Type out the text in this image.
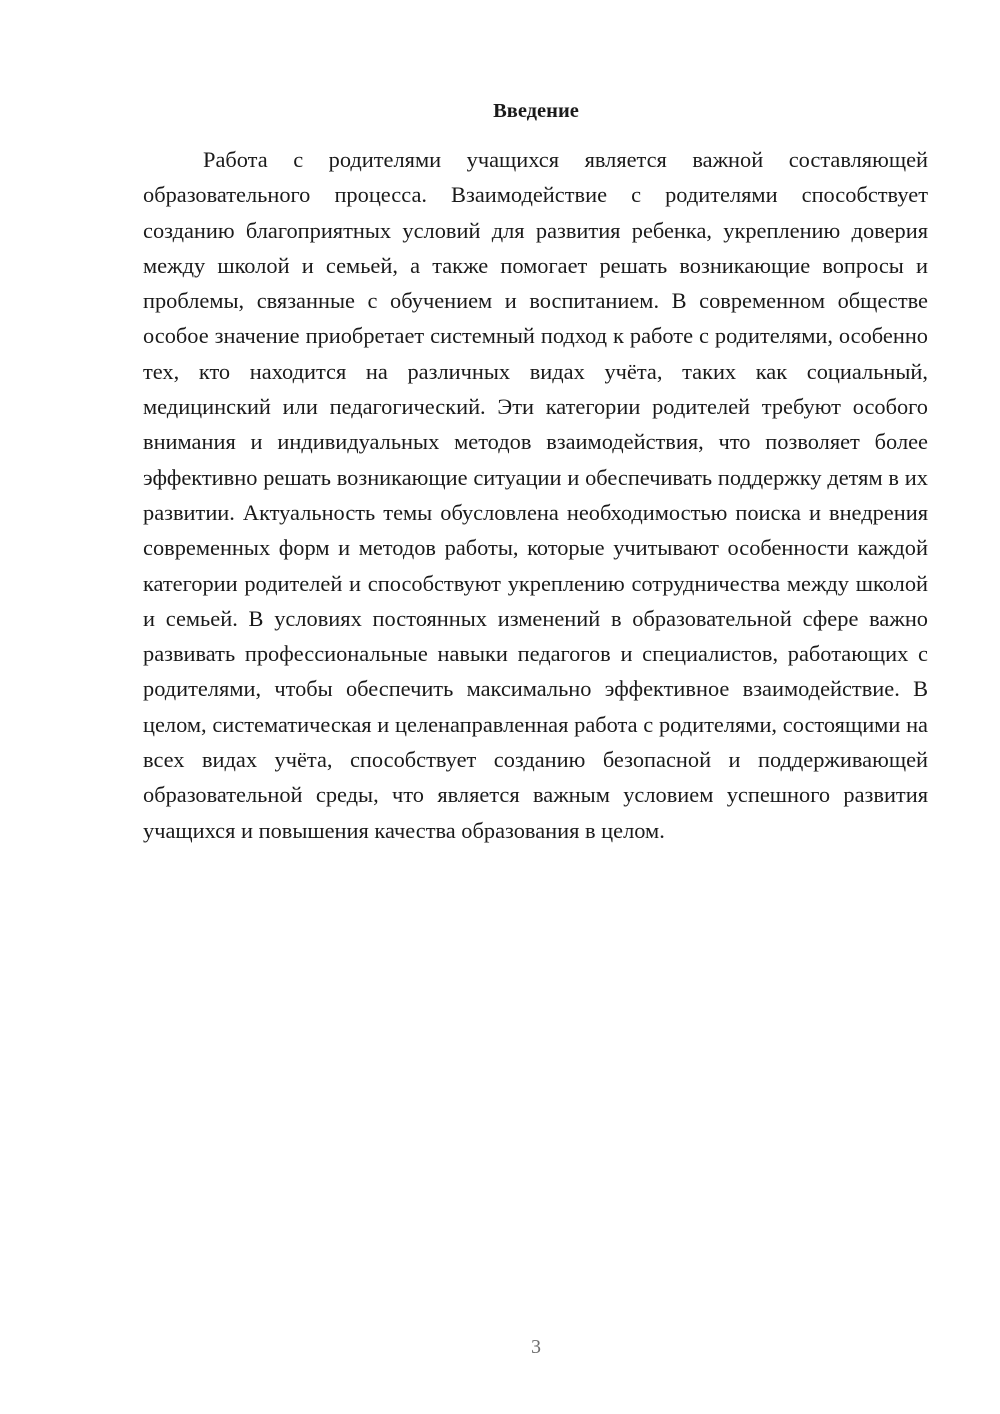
Введение

Работа с родителями учащихся является важной составляющей образовательного процесса. Взаимодействие с родителями способствует созданию благоприятных условий для развития ребенка, укреплению доверия между школой и семьей, а также помогает решать возникающие вопросы и проблемы, связанные с обучением и воспитанием. В современном обществе особое значение приобретает системный подход к работе с родителями, особенно тех, кто находится на различных видах учёта, таких как социальный, медицинский или педагогический. Эти категории родителей требуют особого внимания и индивидуальных методов взаимодействия, что позволяет более эффективно решать возникающие ситуации и обеспечивать поддержку детям в их развитии. Актуальность темы обусловлена необходимостью поиска и внедрения современных форм и методов работы, которые учитывают особенности каждой категории родителей и способствуют укреплению сотрудничества между школой и семьей. В условиях постоянных изменений в образовательной сфере важно развивать профессиональные навыки педагогов и специалистов, работающих с родителями, чтобы обеспечить максимально эффективное взаимодействие. В целом, систематическая и целенаправленная работа с родителями, состоящими на всех видах учёта, способствует созданию безопасной и поддерживающей образовательной среды, что является важным условием успешного развития учащихся и повышения качества образования в целом.

3
